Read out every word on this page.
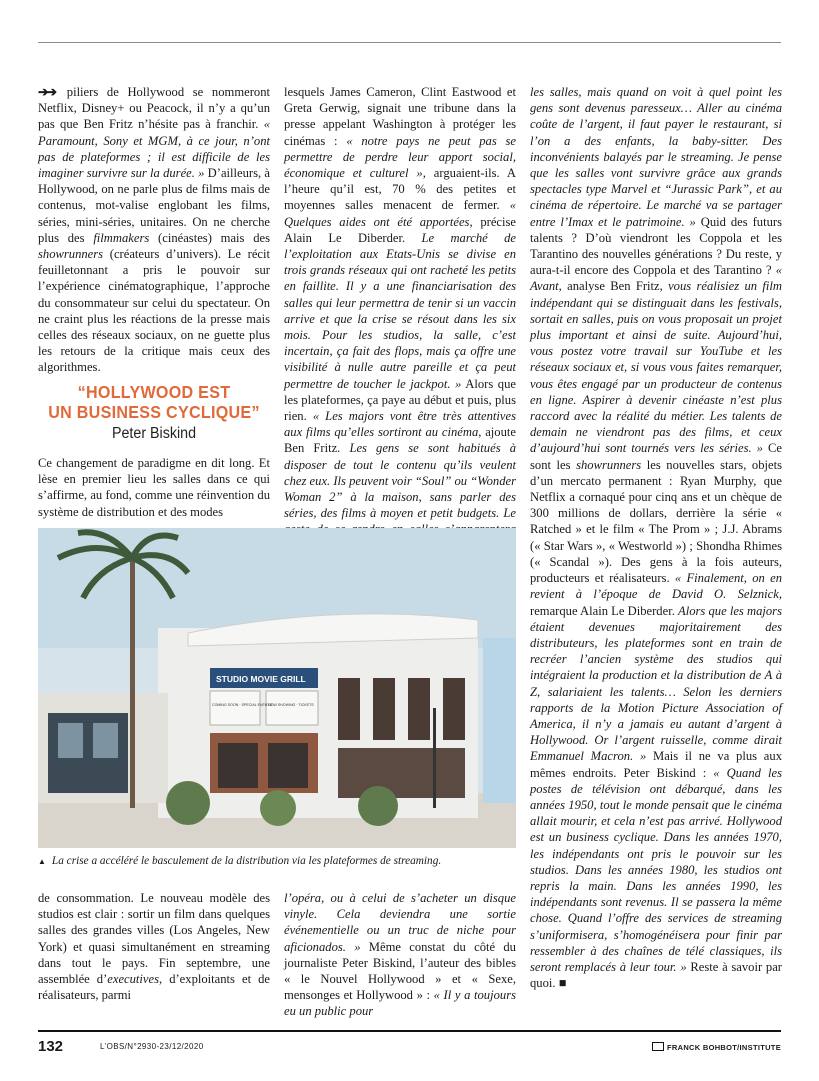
➔➔ piliers de Hollywood se nommeront Netflix, Disney+ ou Peacock, il n’y a qu’un pas que Ben Fritz n’hésite pas à franchir. « Paramount, Sony et MGM, à ce jour, n’ont pas de plateformes ; il est difficile de les imaginer survivre sur la durée. » D’ailleurs, à Hollywood, on ne parle plus de films mais de contenus, mot-valise englobant les films, séries, mini-séries, unitaires. On ne cherche plus des filmmakers (cinéastes) mais des showrunners (créateurs d’univers). Le récit feuilletonnant a pris le pouvoir sur l’expérience cinématographique, l’approche du consommateur sur celui du spectateur. On ne craint plus les réactions de la presse mais celles des réseaux sociaux, on ne guette plus les retours de la critique mais ceux des algorithmes.

“HOLLYWOOD EST
UN BUSINESS CYCLIQUE”
Peter Biskind

Ce changement de paradigme en dit long. Et lèse en premier lieu les salles dans ce qui s’affirme, au fond, comme une réinvention du système de distribution et des modes

lesquels James Cameron, Clint Eastwood et Greta Gerwig, signait une tribune dans la presse appelant Washington à protéger les cinémas : « notre pays ne peut pas se permettre de perdre leur apport social, économique et culturel », arguaient-ils. A l’heure qu’il est, 70 % des petites et moyennes salles menacent de fermer. « Quelques aides ont été apportées, précise Alain Le Diberder. Le marché de l’exploitation aux Etats-Unis se divise en trois grands réseaux qui ont racheté les petits en faillite. Il y a une financiarisation des salles qui leur permettra de tenir si un vaccin arrive et que la crise se résout dans les six mois. Pour les studios, la salle, c’est incertain, ça fait des flops, mais ça offre une visibilité à nulle autre pareille et ça peut permettre de toucher le jackpot. » Alors que les plateformes, ça paye au début et puis, plus rien. « Les majors vont être très attentives aux films qu’elles sortiront au cinéma, ajoute Ben Fritz. Les gens se sont habitués à disposer de tout le contenu qu’ils veulent chez eux. Ils peuvent voir “Soul” ou “Wonder Woman 2” à la maison, sans parler des séries, des films à moyen et petit budgets. Le

les salles, mais quand on voit à quel point les gens sont devenus paresseux… Aller au cinéma coûte de l’argent, il faut payer le restaurant, si l’on a des enfants, la baby-sitter. Des inconvénients balayés par le streaming. Je pense que les salles vont survivre grâce aux grands spectacles type Marvel et “Jurassic Park”, et au cinéma de répertoire. Le marché va se partager entre l’Imax et le patrimoine. » Quid des futurs talents ? D’où viendront les Coppola et les Tarantino des nouvelles générations ? Du reste, y aura-t-il encore des Coppola et des Tarantino ? « Avant, analyse Ben Fritz, vous réalisiez un film indépendant qui se distinguait dans les festivals, sortait en salles, puis on vous proposait un projet plus important et ainsi de suite. Aujourd’hui, vous postez votre travail sur YouTube et les réseaux sociaux et, si vous vous faites remarquer, vous êtes engagé par un producteur de contenus en ligne. Aspirer à devenir cinéaste n’est plus raccord avec la réalité du métier. Les talents de demain ne viendront pas des films, et ceux d’aujourd’hui sont tournés vers les séries. » Ce sont les showrunners les nouvelles stars, objets d’un mercato permanent : Ryan Murphy, que Netflix a cornaqué pour cinq ans et un chèque de 300 millions de dollars, derrière la série « Ratched » et le film « The Prom » ; J.J. Abrams (« Star Wars », « Westworld ») ; Shondha Rhimes (« Scandal »). Des gens à la fois auteurs, producteurs et réalisateurs. « Finalement, on en revient à l’époque de David O. Selznick, remarque Alain Le Diberder. Alors que les majors étaient devenues majoritairement des distributeurs, les plateformes sont en train de recréer l’ancien système des studios qui intégraient la production et la distribution de A à Z, salariaient les talents… Selon les derniers rapports de la Motion Picture Association of America, il n’y a jamais eu autant d’argent à Hollywood. Or l’argent ruisselle, comme dirait Emmanuel Macron. » Mais il ne va plus aux mêmes endroits. Peter Biskind : « Quand les postes de télévision ont débarqué, dans les années 1950, tout le monde pensait que le cinéma allait mourir, et cela n’est pas arrivé. Hollywood est un business cyclique. Dans les années 1970, les indépendants ont pris le pouvoir sur les studios. Dans les années 1980, les studios ont repris la main. Dans les années 1990, les indépendants sont revenus. Il se passera la même chose. Quand l’offre des services de streaming s’uniformisera, s’homogénéisera pour finir par ressembler à des chaînes de télé classiques, ils seront remplacés à leur tour. » Reste à savoir par quoi. ■

STUDIO MOVIE GRILL
COMING SOON · SPECIAL EVENTS
NOW SHOWING · TICKETS
▲ La crise a accéléré le basculement de la distribution via les plateformes de streaming.

de consommation. Le nouveau modèle des studios est clair : sortir un film dans quelques salles des grandes villes (Los Angeles, New York) et quasi simultanément en streaming dans tout le pays. Fin septembre, une assemblée d’executives, d’exploitants et de réalisateurs, parmi

l’opéra, ou à celui de s’acheter un disque vinyle. Cela deviendra une sortie événementielle ou un truc de niche pour aficionados. » Même constat du côté du journaliste Peter Biskind, l’auteur des bibles « le Nouvel Hollywood » et « Sexe, mensonges et Hollywood » : « Il y a toujours eu un public pour

132	L’OBS/N°2930-23/12/2020	FRANCK BOHBOT/INSTITUTE
